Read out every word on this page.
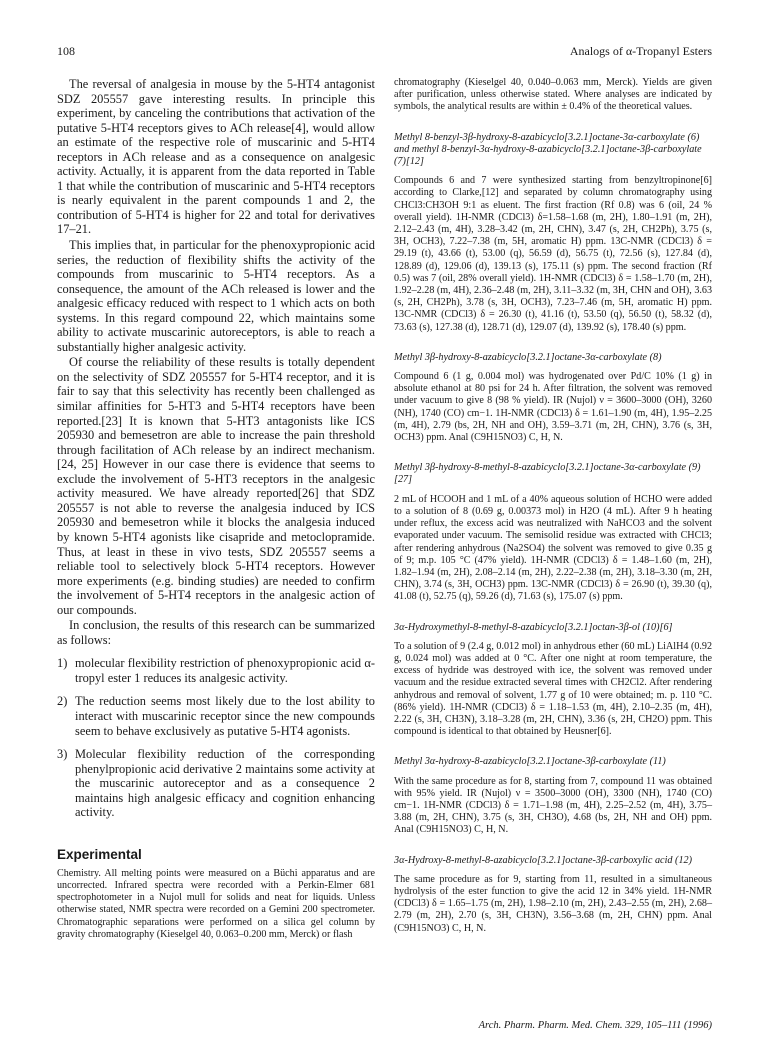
108	Analogs of α-Tropanyl Esters

The reversal of analgesia in mouse by the 5-HT4 antagonist SDZ 205557 gave interesting results. In principle this experiment, by canceling the contributions that activation of the putative 5-HT4 receptors gives to ACh release[4], would allow an estimate of the respective role of muscarinic and 5-HT4 receptors in ACh release and as a consequence on analgesic activity. Actually, it is apparent from the data reported in Table 1 that while the contribution of muscarinic and 5-HT4 receptors is nearly equivalent in the parent compounds 1 and 2, the contribution of 5-HT4 is higher for 22 and total for derivatives 17–21.

This implies that, in particular for the phenoxypropionic acid series, the reduction of flexibility shifts the activity of the compounds from muscarinic to 5-HT4 receptors. As a consequence, the amount of the ACh released is lower and the analgesic efficacy reduced with respect to 1 which acts on both systems. In this regard compound 22, which maintains some ability to activate muscarinic autoreceptors, is able to reach a substantially higher analgesic activity.

Of course the reliability of these results is totally dependent on the selectivity of SDZ 205557 for 5-HT4 receptor, and it is fair to say that this selectivity has recently been challenged as similar affinities for 5-HT3 and 5-HT4 receptors have been reported.[23] It is known that 5-HT3 antagonists like ICS 205930 and bemesetron are able to increase the pain threshold through facilitation of ACh release by an indirect mechanism.[24, 25] However in our case there is evidence that seems to exclude the involvement of 5-HT3 receptors in the analgesic activity measured. We have already reported[26] that SDZ 205557 is not able to reverse the analgesia induced by ICS 205930 and bemesetron while it blocks the analgesia induced by known 5-HT4 agonists like cisapride and metoclopramide. Thus, at least in these in vivo tests, SDZ 205557 seems a reliable tool to selectively block 5-HT4 receptors. However more experiments (e.g. binding studies) are needed to confirm the involvement of 5-HT4 receptors in the analgesic action of our compounds.

In conclusion, the results of this research can be summarized as follows:

1) molecular flexibility restriction of phenoxypropionic acid α-tropyl ester 1 reduces its analgesic activity.
2) The reduction seems most likely due to the lost ability to interact with muscarinic receptor since the new compounds seem to behave exclusively as putative 5-HT4 agonists.
3) Molecular flexibility reduction of the corresponding phenylpropionic acid derivative 2 maintains some activity at the muscarinic autoreceptor and as a consequence 2 maintains high analgesic efficacy and cognition enhancing activity.
Experimental

Chemistry. All melting points were measured on a Büchi apparatus and are uncorrected. Infrared spectra were recorded with a Perkin-Elmer 681 spectrophotometer in a Nujol mull for solids and neat for liquids. Unless otherwise stated, NMR spectra were recorded on a Gemini 200 spectrometer. Chromatographic separations were performed on a silica gel column by gravity chromatography (Kieselgel 40, 0.063–0.200 mm, Merck) or flash

chromatography (Kieselgel 40, 0.040–0.063 mm, Merck). Yields are given after purification, unless otherwise stated. Where analyses are indicated by symbols, the analytical results are within ± 0.4% of the theoretical values.

Methyl 8-benzyl-3β-hydroxy-8-azabicyclo[3.2.1]octane-3α-carboxylate (6) and methyl 8-benzyl-3α-hydroxy-8-azabicyclo[3.2.1]octane-3β-carboxylate (7)[12]

Compounds 6 and 7 were synthesized starting from benzyltropinone[6] according to Clarke,[12] and separated by column chromatography using CHCl3:CH3OH 9:1 as eluent. The first fraction (Rf 0.8) was 6 (oil, 24 % overall yield). 1H-NMR (CDCl3) δ=1.58–1.68 (m, 2H), 1.80–1.91 (m, 2H), 2.12–2.43 (m, 4H), 3.28–3.42 (m, 2H, CHN), 3.47 (s, 2H, CH2Ph), 3.75 (s, 3H, OCH3), 7.22–7.38 (m, 5H, aromatic H) ppm. 13C-NMR (CDCl3) δ = 29.19 (t), 43.66 (t), 53.00 (q), 56.59 (d), 56.75 (t), 72.56 (s), 127.84 (d), 128.89 (d), 129.06 (d), 139.13 (s), 175.11 (s) ppm. The second fraction (Rf 0.5) was 7 (oil, 28% overall yield). 1H-NMR (CDCl3) δ = 1.58–1.70 (m, 2H), 1.92–2.28 (m, 4H), 2.36–2.48 (m, 2H), 3.11–3.32 (m, 3H, CHN and OH), 3.63 (s, 2H, CH2Ph), 3.78 (s, 3H, OCH3), 7.23–7.46 (m, 5H, aromatic H) ppm. 13C-NMR (CDCl3) δ = 26.30 (t), 41.16 (t), 53.50 (q), 56.50 (t), 58.32 (d), 73.63 (s), 127.38 (d), 128.71 (d), 129.07 (d), 139.92 (s), 178.40 (s) ppm.

Methyl 3β-hydroxy-8-azabicyclo[3.2.1]octane-3α-carboxylate (8)

Compound 6 (1 g, 0.004 mol) was hydrogenated over Pd/C 10% (1 g) in absolute ethanol at 80 psi for 24 h. After filtration, the solvent was removed under vacuum to give 8 (98 % yield). IR (Nujol) ν = 3600–3000 (OH), 3260 (NH), 1740 (CO) cm−1. 1H-NMR (CDCl3) δ = 1.61–1.90 (m, 4H), 1.95–2.25 (m, 4H), 2.79 (bs, 2H, NH and OH), 3.59–3.71 (m, 2H, CHN), 3.76 (s, 3H, OCH3) ppm. Anal (C9H15NO3) C, H, N.

Methyl 3β-hydroxy-8-methyl-8-azabicyclo[3.2.1]octane-3α-carboxylate (9)[27]

2 mL of HCOOH and 1 mL of a 40% aqueous solution of HCHO were added to a solution of 8 (0.69 g, 0.00373 mol) in H2O (4 mL). After 9 h heating under reflux, the excess acid was neutralized with NaHCO3 and the solvent evaporated under vacuum. The semisolid residue was extracted with CHCl3; after rendering anhydrous (Na2SO4) the solvent was removed to give 0.35 g of 9; m.p. 105 °C (47% yield). 1H-NMR (CDCl3) δ = 1.48–1.60 (m, 2H), 1.82–1.94 (m, 2H), 2.08–2.14 (m, 2H), 2.22–2.38 (m, 2H), 3.18–3.30 (m, 2H, CHN), 3.74 (s, 3H, OCH3) ppm. 13C-NMR (CDCl3) δ = 26.90 (t), 39.30 (q), 41.08 (t), 52.75 (q), 59.26 (d), 71.63 (s), 175.07 (s) ppm.

3α-Hydroxymethyl-8-methyl-8-azabicyclo[3.2.1]octan-3β-ol (10)[6]

To a solution of 9 (2.4 g, 0.012 mol) in anhydrous ether (60 mL) LiAlH4 (0.92 g, 0.024 mol) was added at 0 °C. After one night at room temperature, the excess of hydride was destroyed with ice, the solvent was removed under vacuum and the residue extracted several times with CH2Cl2. After rendering anhydrous and removal of solvent, 1.77 g of 10 were obtained; m. p. 110 °C. (86% yield). 1H-NMR (CDCl3) δ = 1.18–1.53 (m, 4H), 2.10–2.35 (m, 4H), 2.22 (s, 3H, CH3N), 3.18–3.28 (m, 2H, CHN), 3.36 (s, 2H, CH2O) ppm. This compound is identical to that obtained by Heusner[6].

Methyl 3α-hydroxy-8-azabicyclo[3.2.1]octane-3β-carboxylate (11)

With the same procedure as for 8, starting from 7, compound 11 was obtained with 95% yield. IR (Nujol) ν = 3500–3000 (OH), 3300 (NH), 1740 (CO) cm−1. 1H-NMR (CDCl3) δ = 1.71–1.98 (m, 4H), 2.25–2.52 (m, 4H), 3.75–3.88 (m, 2H, CHN), 3.75 (s, 3H, CH3O), 4.68 (bs, 2H, NH and OH) ppm. Anal (C9H15NO3) C, H, N.

3α-Hydroxy-8-methyl-8-azabicyclo[3.2.1]octane-3β-carboxylic acid (12)

The same procedure as for 9, starting from 11, resulted in a simultaneous hydrolysis of the ester function to give the acid 12 in 34% yield. 1H-NMR (CDCl3) δ = 1.65–1.75 (m, 2H), 1.98–2.10 (m, 2H), 2.43–2.55 (m, 2H), 2.68–2.79 (m, 2H), 2.70 (s, 3H, CH3N), 3.56–3.68 (m, 2H, CHN) ppm. Anal (C9H15NO3) C, H, N.

Arch. Pharm. Pharm. Med. Chem. 329, 105–111 (1996)
